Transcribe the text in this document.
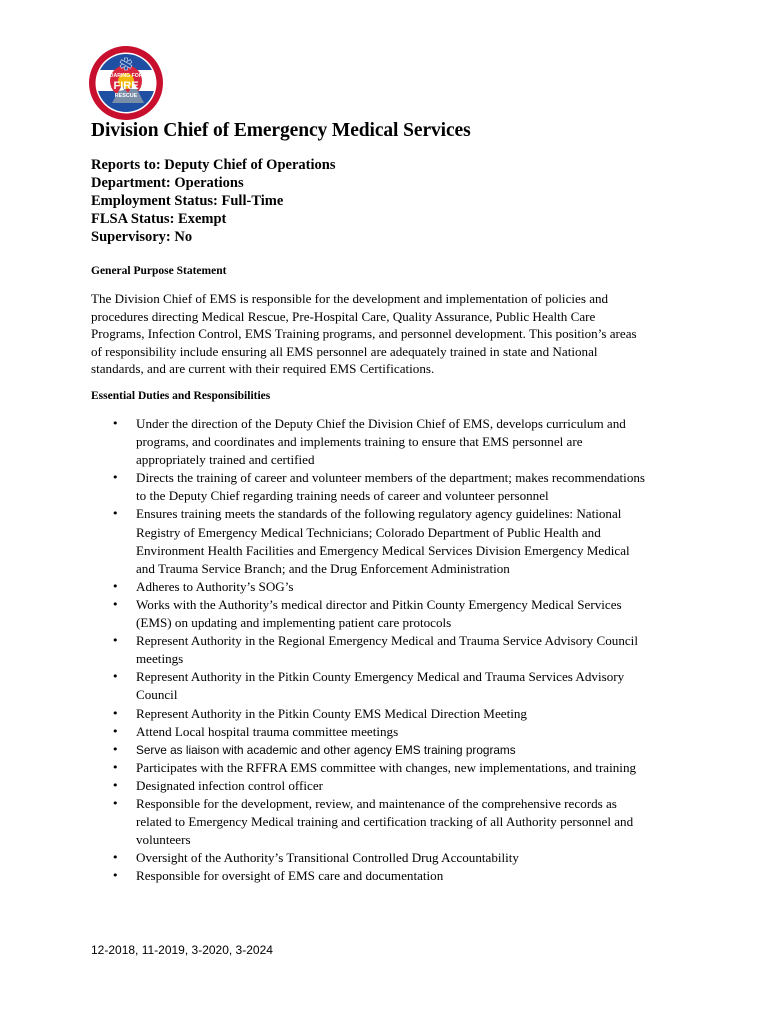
ROARING FORK
FIRE
RESCUE
Division Chief of Emergency Medical Services
Reports to: Deputy Chief of Operations
Department: Operations
Employment Status: Full-Time
FLSA Status: Exempt
Supervisory: No
General Purpose Statement
The Division Chief of EMS is responsible for the development and implementation of policies and
procedures directing Medical Rescue, Pre-Hospital Care, Quality Assurance, Public Health Care
Programs, Infection Control, EMS Training programs, and personnel development. This position’s areas
of responsibility include ensuring all EMS personnel are adequately trained in state and National
standards, and are current with their required EMS Certifications.
Essential Duties and Responsibilities
• Under the direction of the Deputy Chief the Division Chief of EMS, develops curriculum and
programs, and coordinates and implements training to ensure that EMS personnel are
appropriately trained and certified
• Directs the training of career and volunteer members of the department; makes recommendations
to the Deputy Chief regarding training needs of career and volunteer personnel
• Ensures training meets the standards of the following regulatory agency guidelines: National
Registry of Emergency Medical Technicians; Colorado Department of Public Health and
Environment Health Facilities and Emergency Medical Services Division Emergency Medical
and Trauma Service Branch; and the Drug Enforcement Administration
• Adheres to Authority’s SOG’s
• Works with the Authority’s medical director and Pitkin County Emergency Medical Services
(EMS) on updating and implementing patient care protocols
• Represent Authority in the Regional Emergency Medical and Trauma Service Advisory Council
meetings
• Represent Authority in the Pitkin County Emergency Medical and Trauma Services Advisory
Council
• Represent Authority in the Pitkin County EMS Medical Direction Meeting
• Attend Local hospital trauma committee meetings
• Serve as liaison with academic and other agency EMS training programs
• Participates with the RFFRA EMS committee with changes, new implementations, and training
• Designated infection control officer
• Responsible for the development, review, and maintenance of the comprehensive records as
related to Emergency Medical training and certification tracking of all Authority personnel and
volunteers
• Oversight of the Authority’s Transitional Controlled Drug Accountability
• Responsible for oversight of EMS care and documentation
12-2018, 11-2019, 3-2020, 3-2024
